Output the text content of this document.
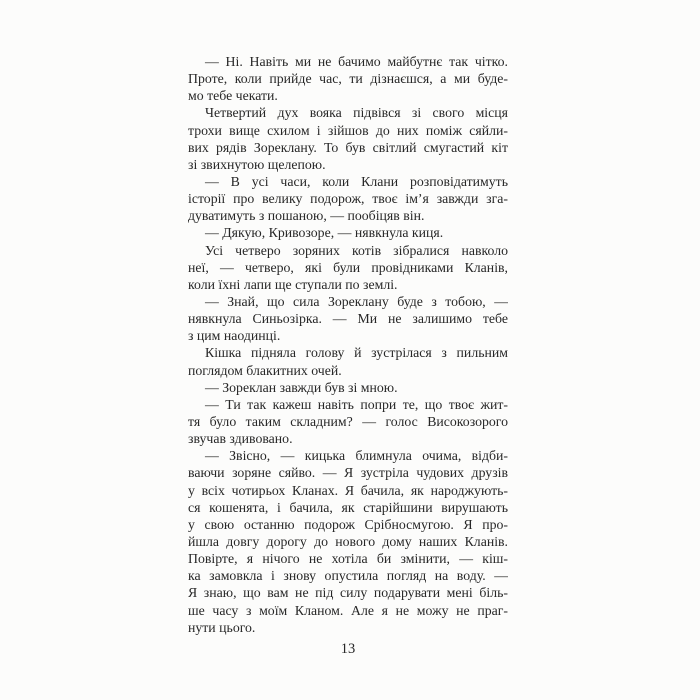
— Ні. Навіть ми не бачимо майбутнє так чітко.
Проте, коли прийде час, ти дізнаєшся, а ми буде-
мо тебе чекати.
Четвертий дух вояка підвівся зі свого місця
трохи вище схилом і зійшов до них поміж сяйли-
вих рядів Зореклану. То був світлий смугастий кіт
зі звихнутою щелепою.
— В усі часи, коли Клани розповідатимуть
історії про велику подорож, твоє ім’я завжди зга-
дуватимуть з пошаною, — пообіцяв він.
— Дякую, Кривозоре, — нявкнула киця.
Усі четверо зоряних котів зібралися навколо
неї, — четверо, які були провідниками Кланів,
коли їхні лапи ще ступали по землі.
— Знай, що сила Зореклану буде з тобою, —
нявкнула Синьозірка. — Ми не залишимо тебе
з цим наодинці.
Кішка підняла голову й зустрілася з пильним
поглядом блакитних очей.
— Зореклан завжди був зі мною.
— Ти так кажеш навіть попри те, що твоє жит-
тя було таким складним? — голос Високозорого
звучав здивовано.
— Звісно, — кицька блимнула очима, відби-
ваючи зоряне сяйво. — Я зустріла чудових друзів
у всіх чотирьох Кланах. Я бачила, як народжують-
ся кошенята, і бачила, як старійшини вирушають
у свою останню подорож Срібносмугою. Я про-
йшла довгу дорогу до нового дому наших Кланів.
Повірте, я нічого не хотіла би змінити, — кіш-
ка замовкла і знову опустила погляд на воду. —
Я знаю, що вам не під силу подарувати мені біль-
ше часу з моїм Кланом. Але я не можу не праг-
нути цього.
13
